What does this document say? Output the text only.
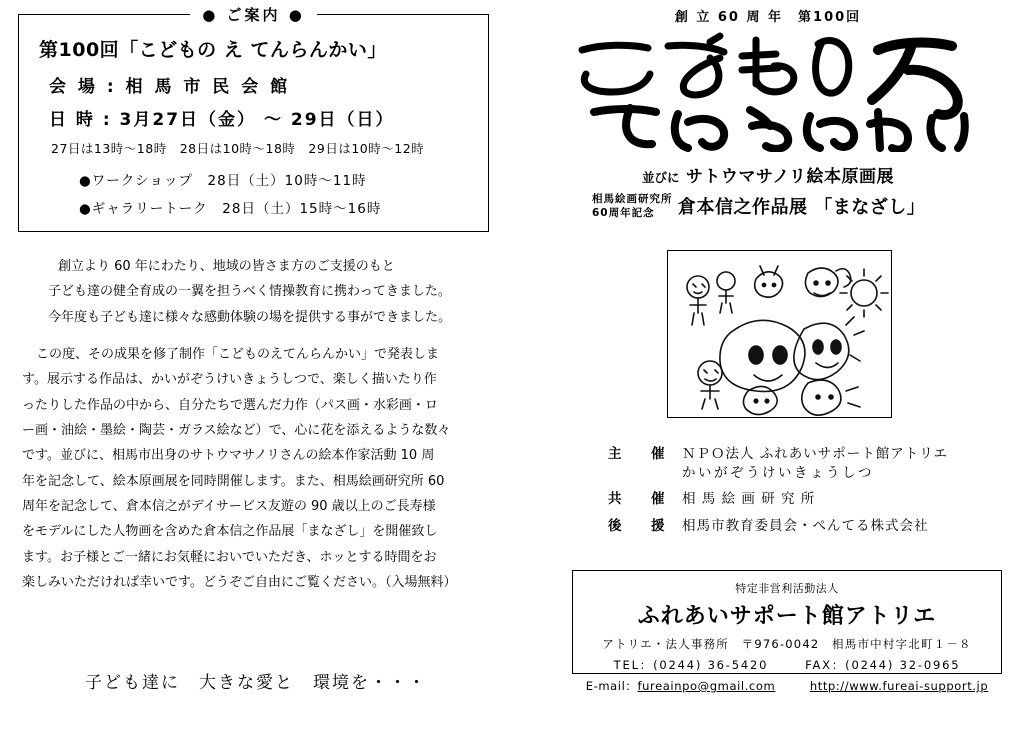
第100回「こどもの え てんらんかい」
会 場 : 相 馬 市 民 会 館
日 時 : 3月27日（金） ～ 29日（日）
27日は13時～18時　28日は10時～18時　29日は10時～12時
●ワークショップ　28日（土）10時～11時
●ギャラリートーク　28日（土）15時～16時
● ご案内 ●
創立より 60 年にわたり、地域の皆さま方のご支援のもと
子ども達の健全育成の一翼を担うべく情操教育に携わってきました。
今年度も子ども達に様々な感動体験の場を提供する事ができました。
この度、その成果を修了制作「こどものえてんらんかい」で発表しま
す。展示する作品は、かいがぞうけいきょうしつで、楽しく描いたり作
ったりした作品の中から、自分たちで選んだ力作（パス画・水彩画・ロ
ー画・油絵・墨絵・陶芸・ガラス絵など）で、心に花を添えるような数々
です。並びに、相馬市出身のサトウマサノリさんの絵本作家活動 10 周
年を記念して、絵本原画展を同時開催します。また、相馬絵画研究所 60
周年を記念して、倉本信之がデイサービス友遊の 90 歳以上のご長寿様
をモデルにした人物画を含めた倉本信之作品展「まなざし」を開催致し
ます。お子様とご一緒にお気軽においでいただき、ホッとする時間をお
楽しみいただければ幸いです。どうぞご自由にご覧ください。（入場無料）
子ども達に　大きな愛と　環境を・・・
創 立 60 周 年　第100回
並びに サトウマサノリ絵本原画展
相馬絵画研究所
60周年記念	倉本信之作品展 「まなざし」
主　催 ＮＰＯ法人 ふれあいサポート館アトリエ
かいがぞうけいきょうしつ
共　催 相 馬 絵 画 研 究 所
後　援 相馬市教育委員会・ぺんてる株式会社
特定非営利活動法人
ふれあいサポート館アトリエ
アトリエ・法人事務所　〒976-0042　相馬市中村字北町１－８
TEL：(0244) 36-5420	FAX：(0244) 32-0965
E-mail：fureainpo@gmail.com	http://www.fureai-support.jp
